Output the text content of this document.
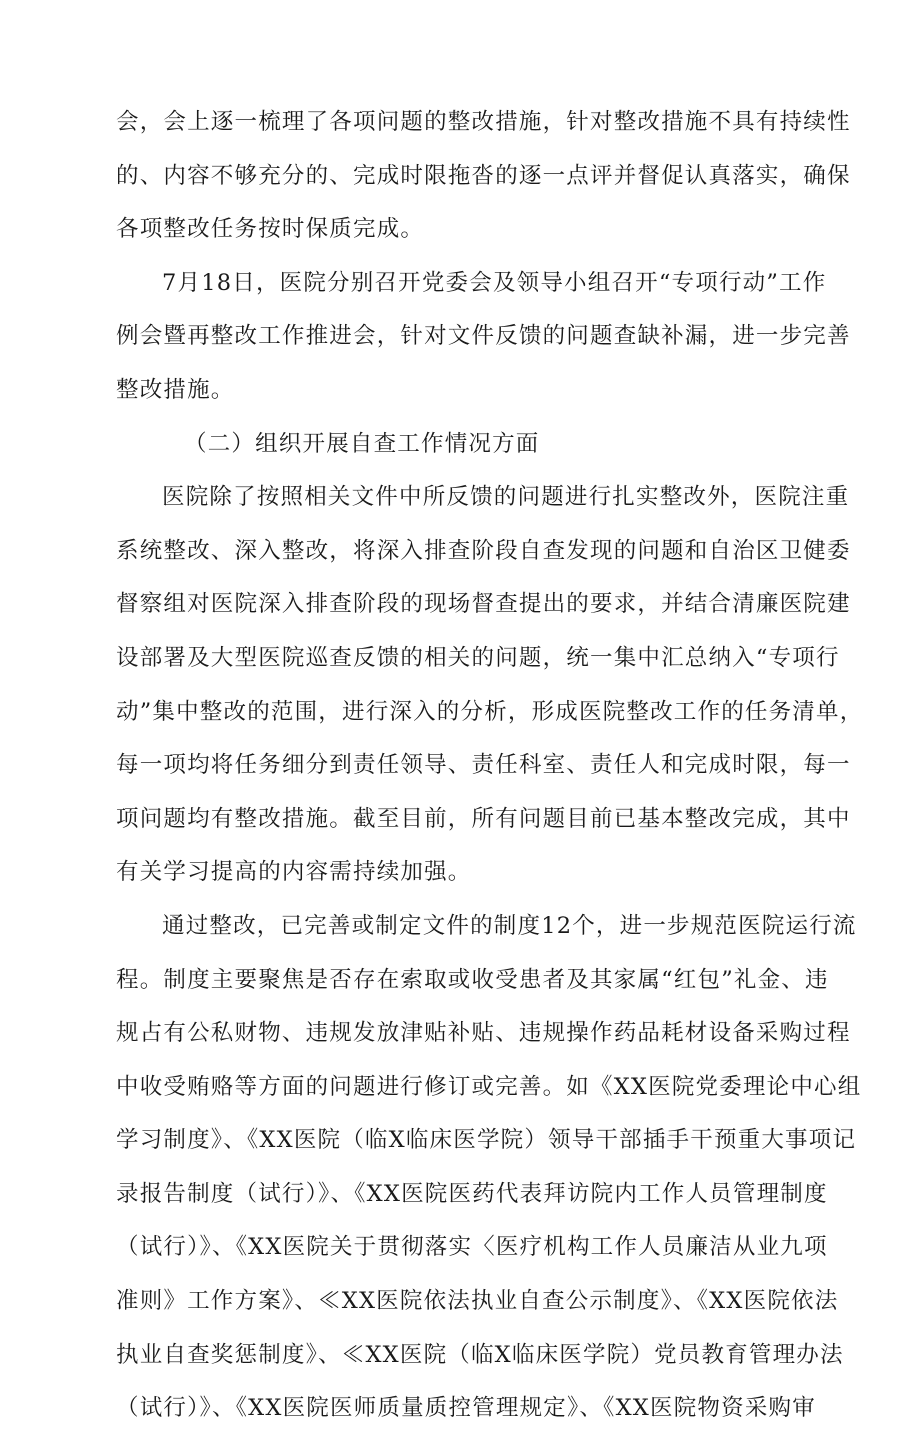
会，会上逐一梳理了各项问题的整改措施，针对整改措施不具有持续性
的、内容不够充分的、完成时限拖沓的逐一点评并督促认真落实，确保
各项整改任务按时保质完成。
7月18日，医院分别召开党委会及领导小组召开“专项行动”工作
例会暨再整改工作推进会，针对文件反馈的问题查缺补漏，进一步完善
整改措施。
（二）组织开展自查工作情况方面
医院除了按照相关文件中所反馈的问题进行扎实整改外，医院注重
系统整改、深入整改，将深入排查阶段自查发现的问题和自治区卫健委
督察组对医院深入排查阶段的现场督查提出的要求，并结合清廉医院建
设部署及大型医院巡查反馈的相关的问题，统一集中汇总纳入“专项行
动”集中整改的范围，进行深入的分析，形成医院整改工作的任务清单，
每一项均将任务细分到责任领导、责任科室、责任人和完成时限，每一
项问题均有整改措施。截至目前，所有问题目前已基本整改完成，其中
有关学习提高的内容需持续加强。
通过整改，已完善或制定文件的制度12个，进一步规范医院运行流
程。制度主要聚焦是否存在索取或收受患者及其家属“红包”礼金、违
规占有公私财物、违规发放津贴补贴、违规操作药品耗材设备采购过程
中收受贿赂等方面的问题进行修订或完善。如《XX医院党委理论中心组
学习制度》、《XX医院（临X临床医学院）领导干部插手干预重大事项记
录报告制度（试行）》、《XX医院医药代表拜访院内工作人员管理制度
（试行）》、《XX医院关于贯彻落实〈医疗机构工作人员廉洁从业九项
准则》工作方案》、≪XX医院依法执业自查公示制度》、《XX医院依法
执业自查奖惩制度》、≪XX医院（临X临床医学院）党员教育管理办法
（试行）》、《XX医院医师质量质控管理规定》、《XX医院物资采购审
